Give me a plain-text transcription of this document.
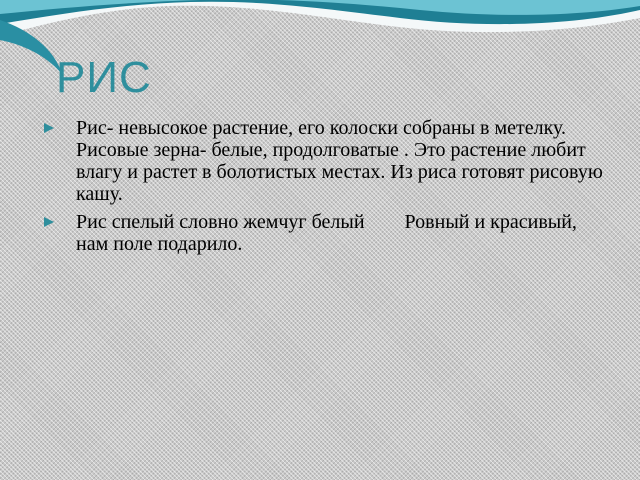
РИС
Рис- невысокое растение, его колоски собраны в метелку. Рисовые зерна- белые, продолговатые . Это растение любит влагу и растет в болотистых местах. Из риса готовят рисовую кашу.
Рис спелый словно жемчуг белый Ровный и красивый, нам поле подарило.
